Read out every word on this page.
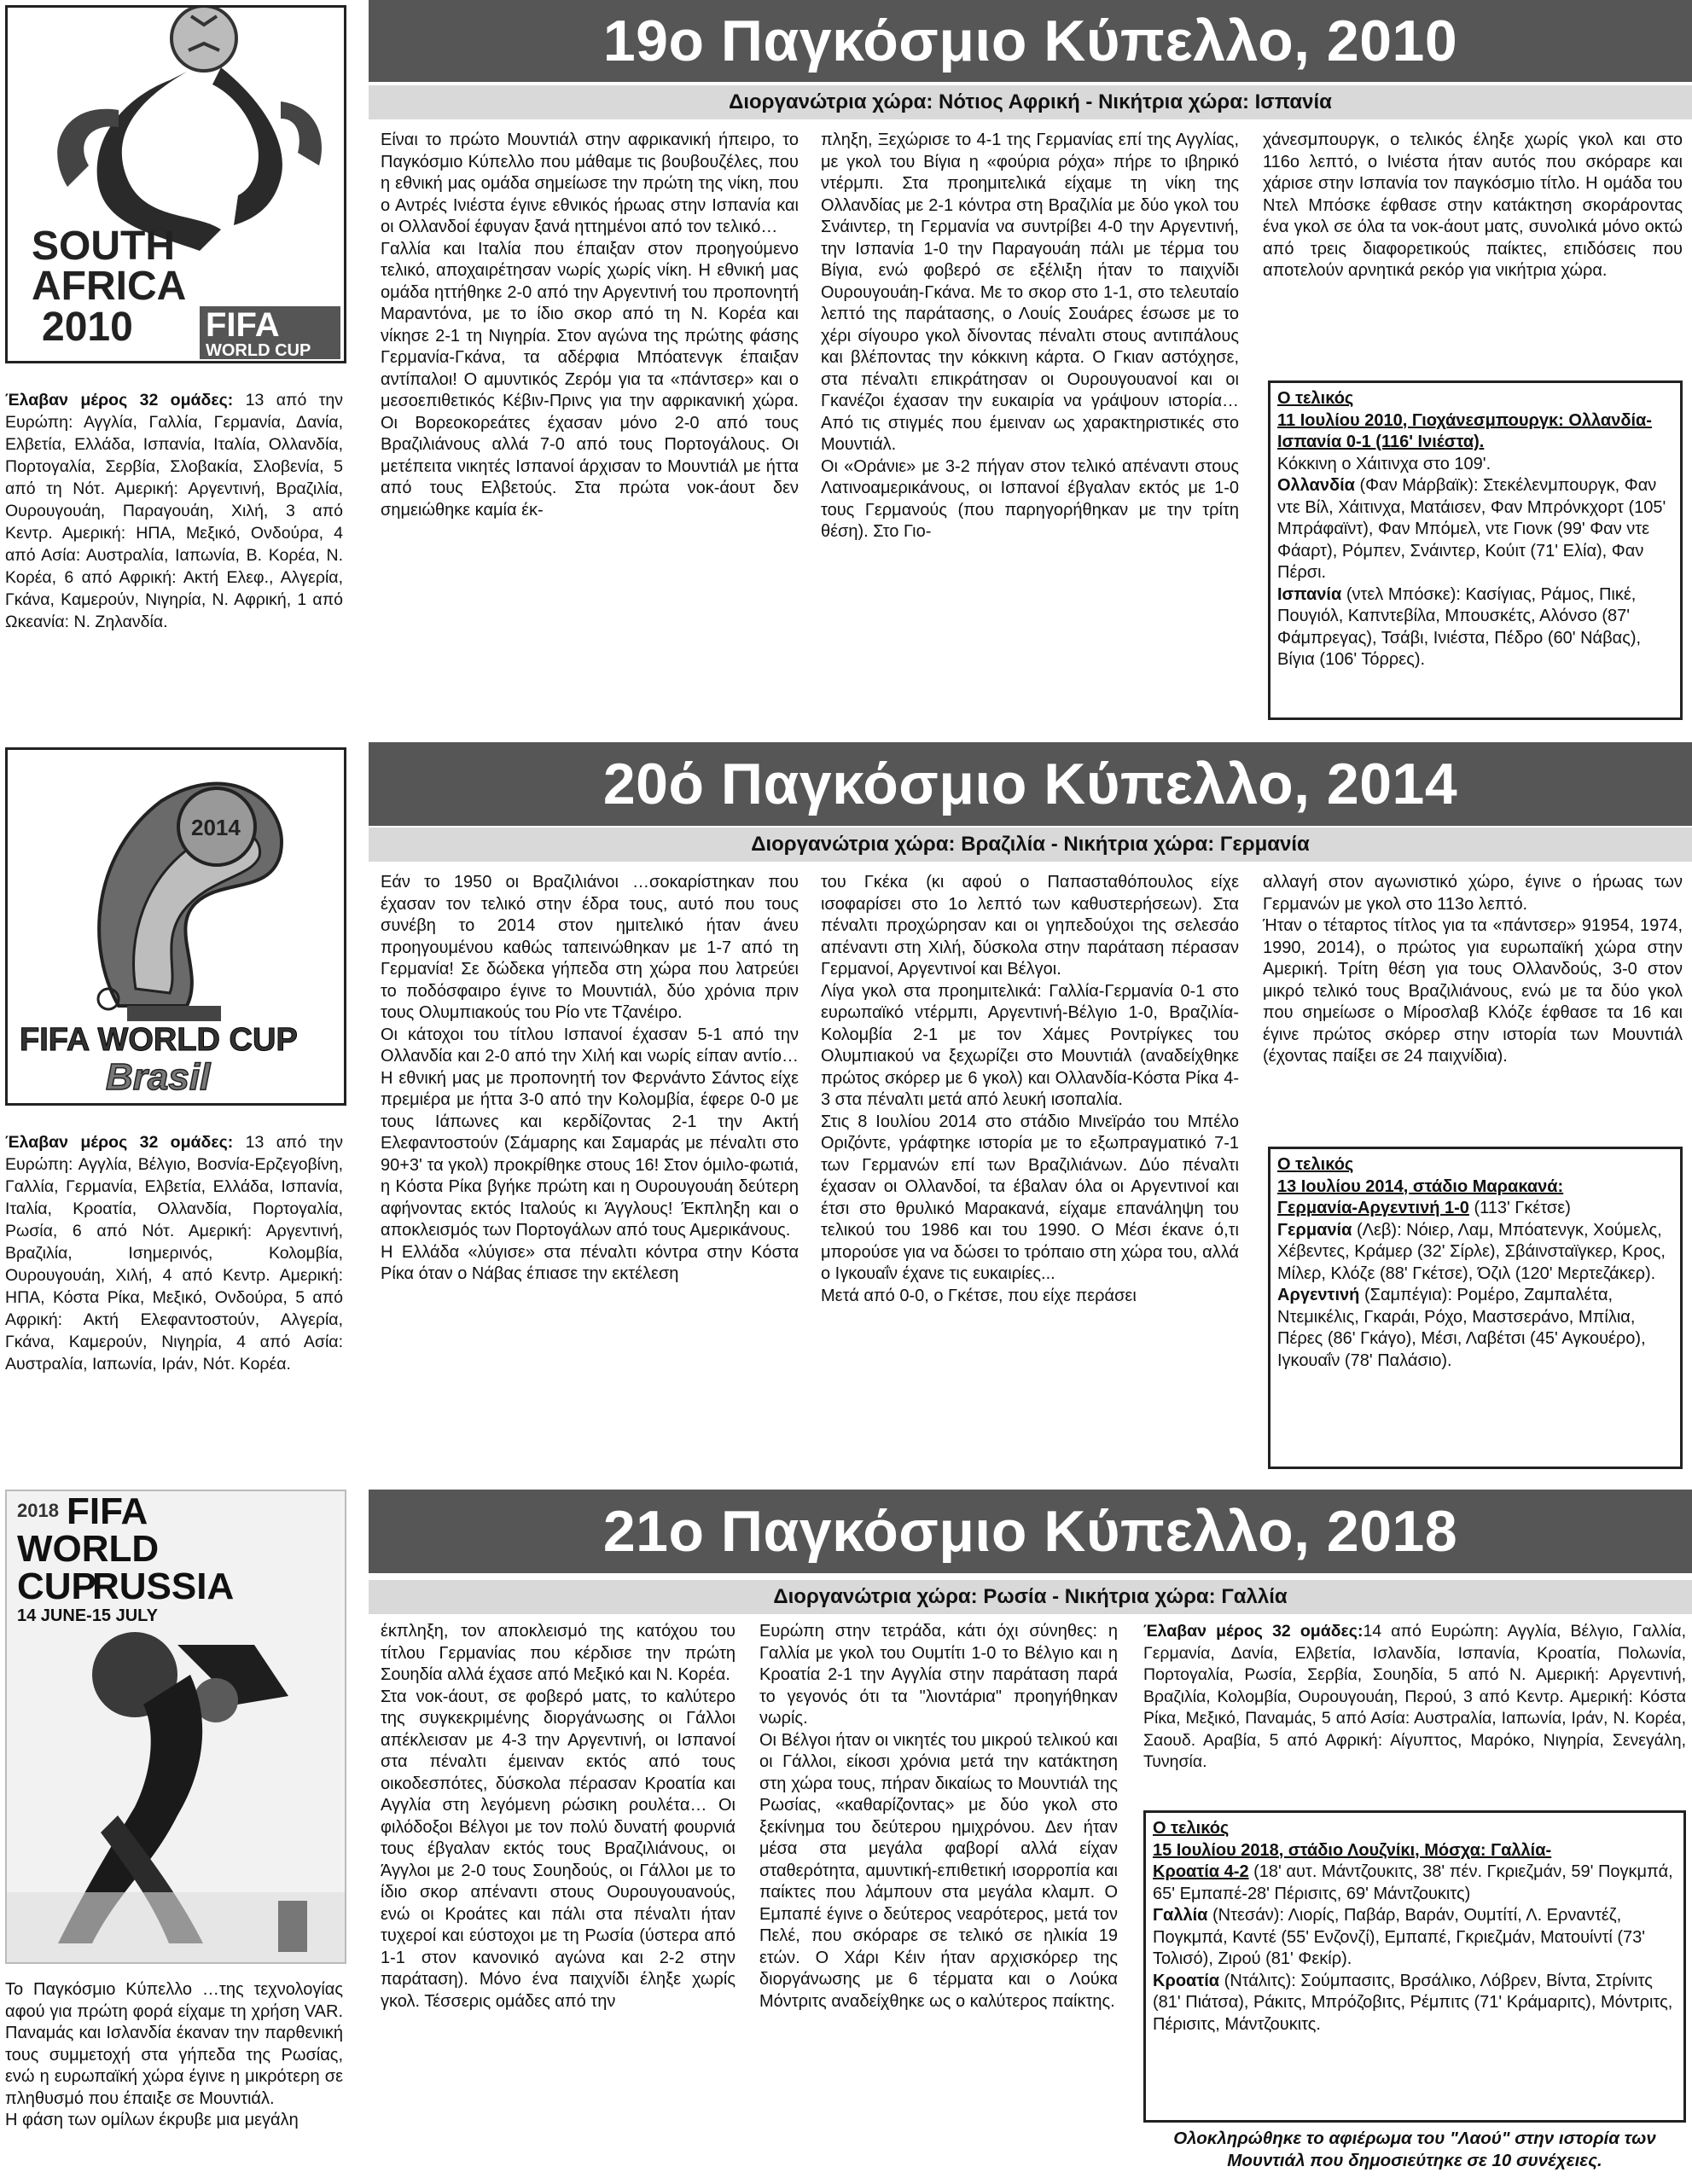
SOUTH
AFRICA
2010 FIFA
WORLD CUP
Έλαβαν μέρος 32 ομάδες: 13 από την Ευρώπη: Αγγλία, Γαλλία, Γερμανία, Δανία, Ελβετία, Ελλάδα, Ισπανία, Ιταλία, Ολλανδία, Πορτογαλία, Σερβία, Σλοβακία, Σλοβενία, 5 από τη Νότ. Αμερική: Αργεντινή, Βραζιλία, Ουρουγουάη, Παραγουάη, Χιλή, 3 από Κεντρ. Αμερική: ΗΠΑ, Μεξικό, Ονδούρα, 4 από Ασία: Αυστραλία, Ιαπωνία, Β. Κορέα, Ν. Κορέα, 6 από Αφρική: Ακτή Ελεφ., Αλγερία, Γκάνα, Καμερούν, Νιγηρία, Ν. Αφρική, 1 από Ωκεανία: Ν. Ζηλανδία.
19ο Παγκόσμιο Κύπελλο, 2010
Διοργανώτρια χώρα: Νότιος Αφρική - Νικήτρια χώρα: Ισπανία
Είναι το πρώτο Μουντιάλ στην αφρικανική ήπειρο, το Παγκόσμιο Κύπελλο που μάθαμε τις βουβουζέλες, που η εθνική μας ομάδα σημείωσε την πρώτη της νίκη, που ο Αντρές Ινιέστα έγινε εθνικός ήρωας στην Ισπανία και οι Ολλανδοί έφυγαν ξανά ηττημένοι από τον τελικό…
Γαλλία και Ιταλία που έπαιξαν στον προηγούμενο τελικό, αποχαιρέτησαν νωρίς χωρίς νίκη. Η εθνική μας ομάδα ηττήθηκε 2-0 από την Αργεντινή του προπονητή Μαραντόνα, με το ίδιο σκορ από τη Ν. Κορέα και νίκησε 2-1 τη Νιγηρία. Στον αγώνα της πρώτης φάσης Γερμανία-Γκάνα, τα αδέρφια Μπόατενγκ έπαιξαν αντίπαλοι! Ο αμυντικός Ζερόμ για τα «πάντσερ» και ο μεσοεπιθετικός Κέβιν-Πρινς για την αφρικανική χώρα. Οι Βορεοκορεάτες έχασαν μόνο 2-0 από τους Βραζιλιάνους αλλά 7-0 από τους Πορτογάλους. Οι μετέπειτα νικητές Ισπανοί άρχισαν το Μουντιάλ με ήττα από τους Ελβετούς. Στα πρώτα νοκ-άουτ δεν σημειώθηκε καμία έκ-
πληξη, Ξεχώρισε το 4-1 της Γερμανίας επί της Αγγλίας, με γκολ του Βίγια η «φούρια ρόχα» πήρε το ιβηρικό ντέρμπι. Στα προημιτελικά είχαμε τη νίκη της Ολλανδίας με 2-1 κόντρα στη Βραζιλία με δύο γκολ του Σνάιντερ, τη Γερμανία να συντρίβει 4-0 την Αργεντινή, την Ισπανία 1-0 την Παραγουάη πάλι με τέρμα του Βίγια, ενώ φοβερό σε εξέλιξη ήταν το παιχνίδι Ουρουγουάη-Γκάνα. Με το σκορ στο 1-1, στο τελευταίο λεπτό της παράτασης, ο Λουίς Σουάρες έσωσε με το χέρι σίγουρο γκολ δίνοντας πέναλτι στους αντιπάλους και βλέποντας την κόκκινη κάρτα. Ο Γκιαν αστόχησε, στα πέναλτι επικράτησαν οι Ουρουγουανοί και οι Γκανέζοι έχασαν την ευκαιρία να γράψουν ιστορία… Από τις στιγμές που έμειναν ως χαρακτηριστικές στο Μουντιάλ.
Οι «Οράνιε» με 3-2 πήγαν στον τελικό απέναντι στους Λατινοαμερικάνους, οι Ισπανοί έβγαλαν εκτός με 1-0 τους Γερμανούς (που παρηγορήθηκαν με την τρίτη θέση). Στο Γιο-
χάνεσμπουργκ, ο τελικός έληξε χωρίς γκολ και στο 116ο λεπτό, ο Ινιέστα ήταν αυτός που σκόραρε και χάρισε στην Ισπανία τον παγκόσμιο τίτλο. Η ομάδα του Ντελ Μπόσκε έφθασε στην κατάκτηση σκοράροντας ένα γκολ σε όλα τα νοκ-άουτ ματς, συνολικά μόνο οκτώ από τρεις διαφορετικούς παίκτες, επιδόσεις που αποτελούν αρνητικά ρεκόρ για νικήτρια χώρα.

Ο τελικός

11 Ιουλίου 2010, Γιοχάνεσμπουργκ: Ολλανδία-Ισπανία 0-1 (116' Ινιέστα).

Κόκκινη ο Χάιτινχα στο 109'.

Ολλανδία (Φαν Μάρβαϊκ): Στεκέλενμπουργκ, Φαν ντε Βίλ, Χάιτινχα, Ματάισεν, Φαν Μπρόνκχορτ (105' Μπράφαϊντ), Φαν Μπόμελ, ντε Γιονκ (99' Φαν ντε Φάαρτ), Ρόμπεν, Σνάιντερ, Κούιτ (71' Ελία), Φαν Πέρσι.

Ισπανία (ντελ Μπόσκε): Κασίγιας, Ράμος, Πικέ, Πουγιόλ, Καπντεβίλα, Μπουσκέτς, Αλόνσο (87' Φάμπρεγας), Τσάβι, Ινιέστα, Πέδρο (60' Νάβας), Βίγια (106' Τόρρες).

2014
FIFA WORLD CUP
Brasil
Έλαβαν μέρος 32 ομάδες: 13 από την Ευρώπη: Αγγλία, Βέλγιο, Βοσνία-Ερζεγοβίνη, Γαλλία, Γερμανία, Ελβετία, Ελλάδα, Ισπανία, Ιταλία, Κροατία, Ολλανδία, Πορτογαλία, Ρωσία, 6 από Νότ. Αμερική: Αργεντινή, Βραζιλία, Ισημερινός, Κολομβία, Ουρουγουάη, Χιλή, 4 από Κεντρ. Αμερική: ΗΠΑ, Κόστα Ρίκα, Μεξικό, Ονδούρα, 5 από Αφρική: Ακτή Ελεφαντοστούν, Αλγερία, Γκάνα, Καμερούν, Νιγηρία, 4 από Ασία: Αυστραλία, Ιαπωνία, Ιράν, Νότ. Κορέα.
20ό Παγκόσμιο Κύπελλο, 2014
Διοργανώτρια χώρα: Βραζιλία - Νικήτρια χώρα: Γερμανία
Εάν το 1950 οι Βραζιλιάνοι …σοκαρίστηκαν που έχασαν τον τελικό στην έδρα τους, αυτό που τους συνέβη το 2014 στον ημιτελικό ήταν άνευ προηγουμένου καθώς ταπεινώθηκαν με 1-7 από τη Γερμανία! Σε δώδεκα γήπεδα στη χώρα που λατρεύει το ποδόσφαιρο έγινε το Μουντιάλ, δύο χρόνια πριν τους Ολυμπιακούς του Ρίο ντε Τζανέιρο.
Οι κάτοχοι του τίτλου Ισπανοί έχασαν 5-1 από την Ολλανδία και 2-0 από την Χιλή και νωρίς είπαν αντίο… Η εθνική μας με προπονητή τον Φερνάντο Σάντος είχε πρεμιέρα με ήττα 3-0 από την Κολομβία, έφερε 0-0 με τους Ιάπωνες και κερδίζοντας 2-1 την Ακτή Ελεφαντοστούν (Σάμαρης και Σαμαράς με πέναλτι στο 90+3' τα γκολ) προκρίθηκε στους 16! Στον όμιλο-φωτιά, η Κόστα Ρίκα βγήκε πρώτη και η Ουρουγουάη δεύτερη αφήνοντας εκτός Ιταλούς κι Άγγλους! Έκπληξη και ο αποκλεισμός των Πορτογάλων από τους Αμερικάνους.
Η Ελλάδα «λύγισε» στα πέναλτι κόντρα στην Κόστα Ρίκα όταν ο Νάβας έπιασε την εκτέλεση
του Γκέκα (κι αφού ο Παπασταθόπουλος είχε ισοφαρίσει στο 1ο λεπτό των καθυστερήσεων). Στα πέναλτι προχώρησαν και οι γηπεδούχοι της σελεσάο απέναντι στη Χιλή, δύσκολα στην παράταση πέρασαν Γερμανοί, Αργεντινοί και Βέλγοι.
Λίγα γκολ στα προημιτελικά: Γαλλία-Γερμανία 0-1 στο ευρωπαϊκό ντέρμπι, Αργεντινή-Βέλγιο 1-0, Βραζιλία-Κολομβία 2-1 με τον Χάμες Ροντρίγκες του Ολυμπιακού να ξεχωρίζει στο Μουντιάλ (αναδείχθηκε πρώτος σκόρερ με 6 γκολ) και Ολλανδία-Κόστα Ρίκα 4-3 στα πέναλτι μετά από λευκή ισοπαλία.
Στις 8 Ιουλίου 2014 στο στάδιο Μινεϊράο του Μπέλο Οριζόντε, γράφτηκε ιστορία με το εξωπραγματικό 7-1 των Γερμανών επί των Βραζιλιάνων. Δύο πέναλτι έχασαν οι Ολλανδοί, τα έβαλαν όλα οι Αργεντινοί και έτσι στο θρυλικό Μαρακανά, είχαμε επανάληψη του τελικού του 1986 και του 1990. Ο Μέσι έκανε ό,τι μπορούσε για να δώσει το τρόπαιο στη χώρα του, αλλά ο Ιγκουαΐν έχανε τις ευκαιρίες...
Μετά από 0-0, ο Γκέτσε, που είχε περάσει
αλλαγή στον αγωνιστικό χώρο, έγινε ο ήρωας των Γερμανών με γκολ στο 113ο λεπτό.
Ήταν ο τέταρτος τίτλος για τα «πάντσερ» 91954, 1974, 1990, 2014), ο πρώτος για ευρωπαϊκή χώρα στην Αμερική. Τρίτη θέση για τους Ολλανδούς, 3-0 στον μικρό τελικό τους Βραζιλιάνους, ενώ με τα δύο γκολ που σημείωσε ο Μίροσλαβ Κλόζε έφθασε τα 16 και έγινε πρώτος σκόρερ στην ιστορία των Μουντιάλ (έχοντας παίξει σε 24 παιχνίδια).

Ο τελικός

13 Ιουλίου 2014, στάδιο Μαρακανά:

Γερμανία-Αργεντινή 1-0 (113' Γκέτσε)

Γερμανία (Λεβ): Νόιερ, Λαμ, Μπόατενγκ, Χούμελς, Χέβεντες, Κράμερ (32' Σίρλε), Σβάινσταϊγκερ, Κρος, Μίλερ, Κλόζε (88' Γκέτσε), Όζιλ (120' Μερτεζάκερ).

Αργεντινή (Σαμπέγια): Ρομέρο, Ζαμπαλέτα, Ντεμικέλις, Γκαράι, Ρόχο, Μαστσεράνο, Μπίλια, Πέρες (86' Γκάγο), Μέσι, Λαβέτσι (45' Αγκουέρο), Ιγκουαΐν (78' Παλάσιο).

2018 FIFA
WORLD
CUP
RUSSIA
14 JUNE-15 JULY
Το Παγκόσμιο Κύπελλο …της τεχνολογίας αφού για πρώτη φορά είχαμε τη χρήση VAR. Παναμάς και Ισλανδία έκαναν την παρθενική τους συμμετοχή στα γήπεδα της Ρωσίας, ενώ η ευρωπαϊκή χώρα έγινε η μικρότερη σε πληθυσμό που έπαιξε σε Μουντιάλ.
Η φάση των ομίλων έκρυβε μια μεγάλη
21ο Παγκόσμιο Κύπελλο, 2018
Διοργανώτρια χώρα: Ρωσία - Νικήτρια χώρα: Γαλλία
έκπληξη, τον αποκλεισμό της κατόχου του τίτλου Γερμανίας που κέρδισε την πρώτη Σουηδία αλλά έχασε από Μεξικό και Ν. Κορέα.
Στα νοκ-άουτ, σε φοβερό ματς, το καλύτερο της συγκεκριμένης διοργάνωσης οι Γάλλοι απέκλεισαν με 4-3 την Αργεντινή, οι Ισπανοί στα πέναλτι έμειναν εκτός από τους οικοδεσπότες, δύσκολα πέρασαν Κροατία και Αγγλία στη λεγόμενη ρώσικη ρουλέτα… Οι φιλόδοξοι Βέλγοι με τον πολύ δυνατή φουρνιά τους έβγαλαν εκτός τους Βραζιλιάνους, οι Άγγλοι με 2-0 τους Σουηδούς, οι Γάλλοι με το ίδιο σκορ απέναντι στους Ουρουγουανούς, ενώ οι Κροάτες και πάλι στα πέναλτι ήταν τυχεροί και εύστοχοι με τη Ρωσία (ύστερα από 1-1 στον κανονικό αγώνα και 2-2 στην παράταση). Μόνο ένα παιχνίδι έληξε χωρίς γκολ. Τέσσερις ομάδες από την
Ευρώπη στην τετράδα, κάτι όχι σύνηθες: η Γαλλία με γκολ του Ουμτίτι 1-0 το Βέλγιο και η Κροατία 2-1 την Αγγλία στην παράταση παρά το γεγονός ότι τα "λιοντάρια" προηγήθηκαν νωρίς.
Οι Βέλγοι ήταν οι νικητές του μικρού τελικού και οι Γάλλοι, είκοσι χρόνια μετά την κατάκτηση στη χώρα τους, πήραν δικαίως το Μουντιάλ της Ρωσίας, «καθαρίζοντας» με δύο γκολ στο ξεκίνημα του δεύτερου ημιχρόνου. Δεν ήταν μέσα στα μεγάλα φαβορί αλλά είχαν σταθερότητα, αμυντική-επιθετική ισορροπία και παίκτες που λάμπουν στα μεγάλα κλαμπ. Ο Εμπαπέ έγινε ο δεύτερος νεαρότερος, μετά τον Πελέ, που σκόραρε σε τελικό σε ηλικία 19 ετών. Ο Χάρι Κέιν ήταν αρχισκόρερ της διοργάνωσης με 6 τέρματα και ο Λούκα Μόντριτς αναδείχθηκε ως ο καλύτερος παίκτης.
Έλαβαν μέρος 32 ομάδες:14 από Ευρώπη: Αγγλία, Βέλγιο, Γαλλία, Γερμανία, Δανία, Ελβετία, Ισλανδία, Ισπανία, Κροατία, Πολωνία, Πορτογαλία, Ρωσία, Σερβία, Σουηδία, 5 από Ν. Αμερική: Αργεντινή, Βραζιλία, Κολομβία, Ουρουγουάη, Περού, 3 από Κεντρ. Αμερική: Κόστα Ρίκα, Μεξικό, Παναμάς, 5 από Ασία: Αυστραλία, Ιαπωνία, Ιράν, Ν. Κορέα, Σαουδ. Αραβία, 5 από Αφρική: Αίγυπτος, Μαρόκο, Νιγηρία, Σενεγάλη, Τυνησία.

Ο τελικός

15 Ιουλίου 2018, στάδιο Λουζνίκι, Μόσχα: Γαλλία-

Κροατία 4-2 (18' αυτ. Μάντζουκιτς, 38' πέν. Γκριεζμάν, 59' Πογκμπά, 65' Εμπαπέ-28' Πέρισιτς, 69' Μάντζουκιτς)

Γαλλία (Ντεσάν): Λιορίς, Παβάρ, Βαράν, Ουμτίτί, Λ. Ερναντέζ, Πογκμπά, Καντέ (55' Ενζονζί), Εμπαπέ, Γκριεζμάν, Ματουίντί (73' Τολισό), Ζιρού (81' Φεκίρ).

Κροατία (Ντάλιτς): Σούμπασιτς, Βρσάλικο, Λόβρεν, Βίντα, Στρίνιτς (81' Πιάτσα), Ράκιτς, Μπρόζοβιτς, Ρέμπιτς (71' Κράμαριτς), Μόντριτς, Πέρισιτς, Μάντζουκιτς.

Ολοκληρώθηκε το αφιέρωμα του "Λαού" στην ιστορία των Μουντιάλ που δημοσιεύτηκε σε 10 συνέχειες.
